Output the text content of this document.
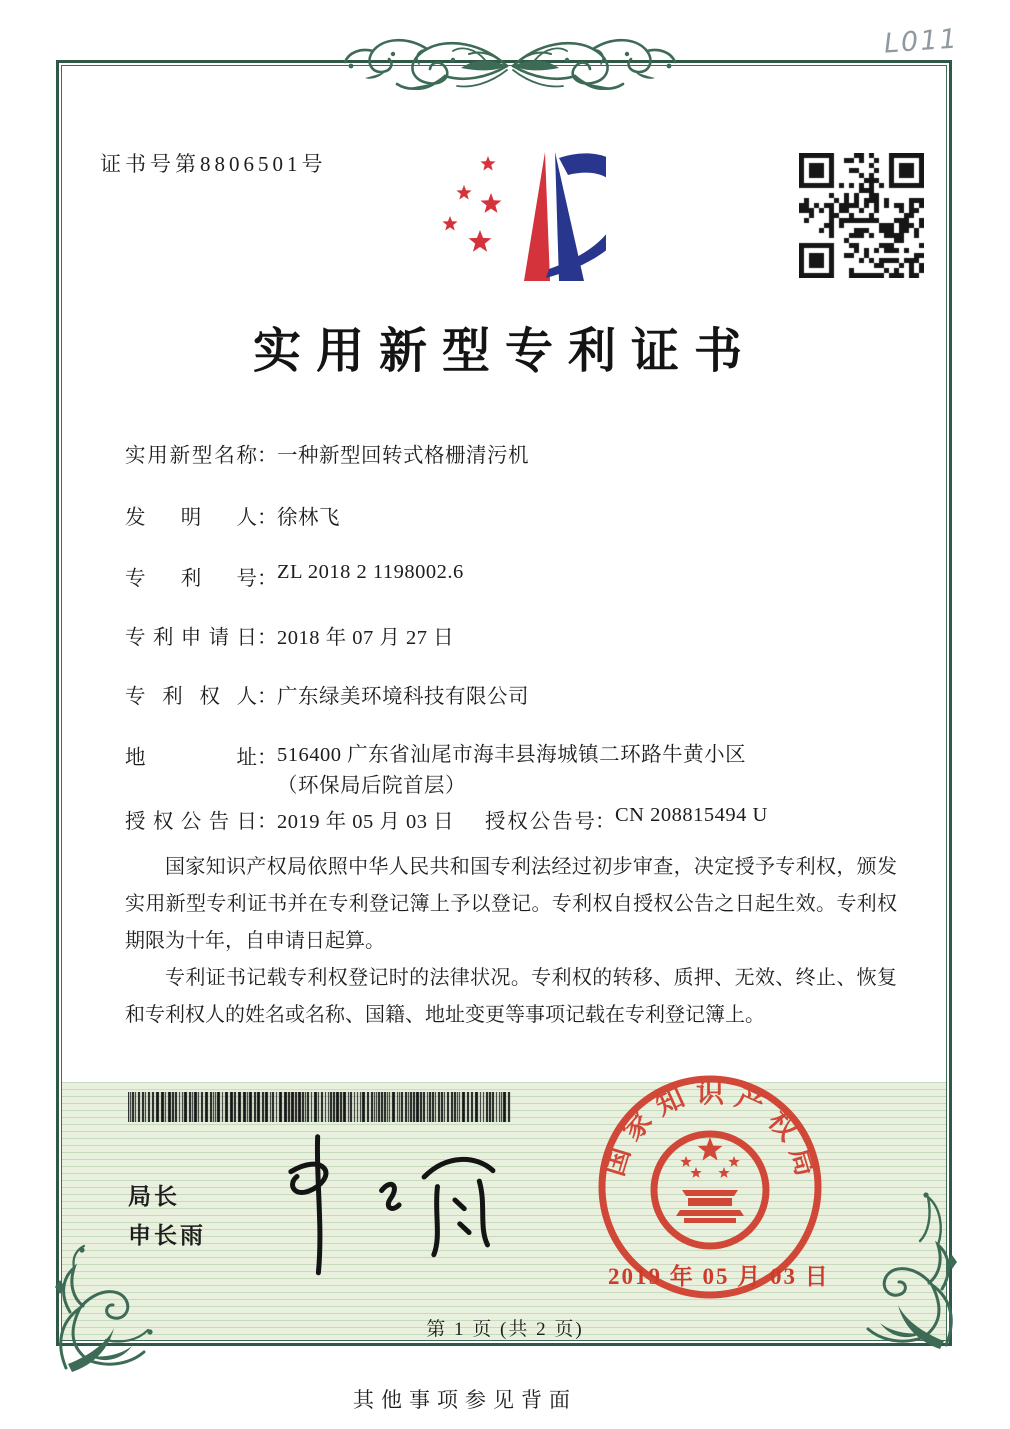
L011
证书号第8806501号
实用新型专利证书
实用新型名称：一种新型回转式格栅清污机
发明人：徐林飞
专利号：ZL 2018 2 1198002.6
专利申请日：2018 年 07 月 27 日
专利权人：广东绿美环境科技有限公司
地址：516400 广东省汕尾市海丰县海城镇二环路牛黄小区（环保局后院首层）
授权公告日：2019 年 05 月 03 日 授权公告号：CN 208815494 U

国家知识产权局依照中华人民共和国专利法经过初步审查，决定授予专利权，颁发实用新型专利证书并在专利登记簿上予以登记。专利权自授权公告之日起生效。专利权期限为十年，自申请日起算。

专利证书记载专利权登记时的法律状况。专利权的转移、质押、无效、终止、恢复和专利权人的姓名或名称、国籍、地址变更等事项记载在专利登记簿上。

局长
申长雨
国
家
知 识 产
权
局
2019 年 05 月 03 日
第 1 页 (共 2 页)
其他事项参见背面
